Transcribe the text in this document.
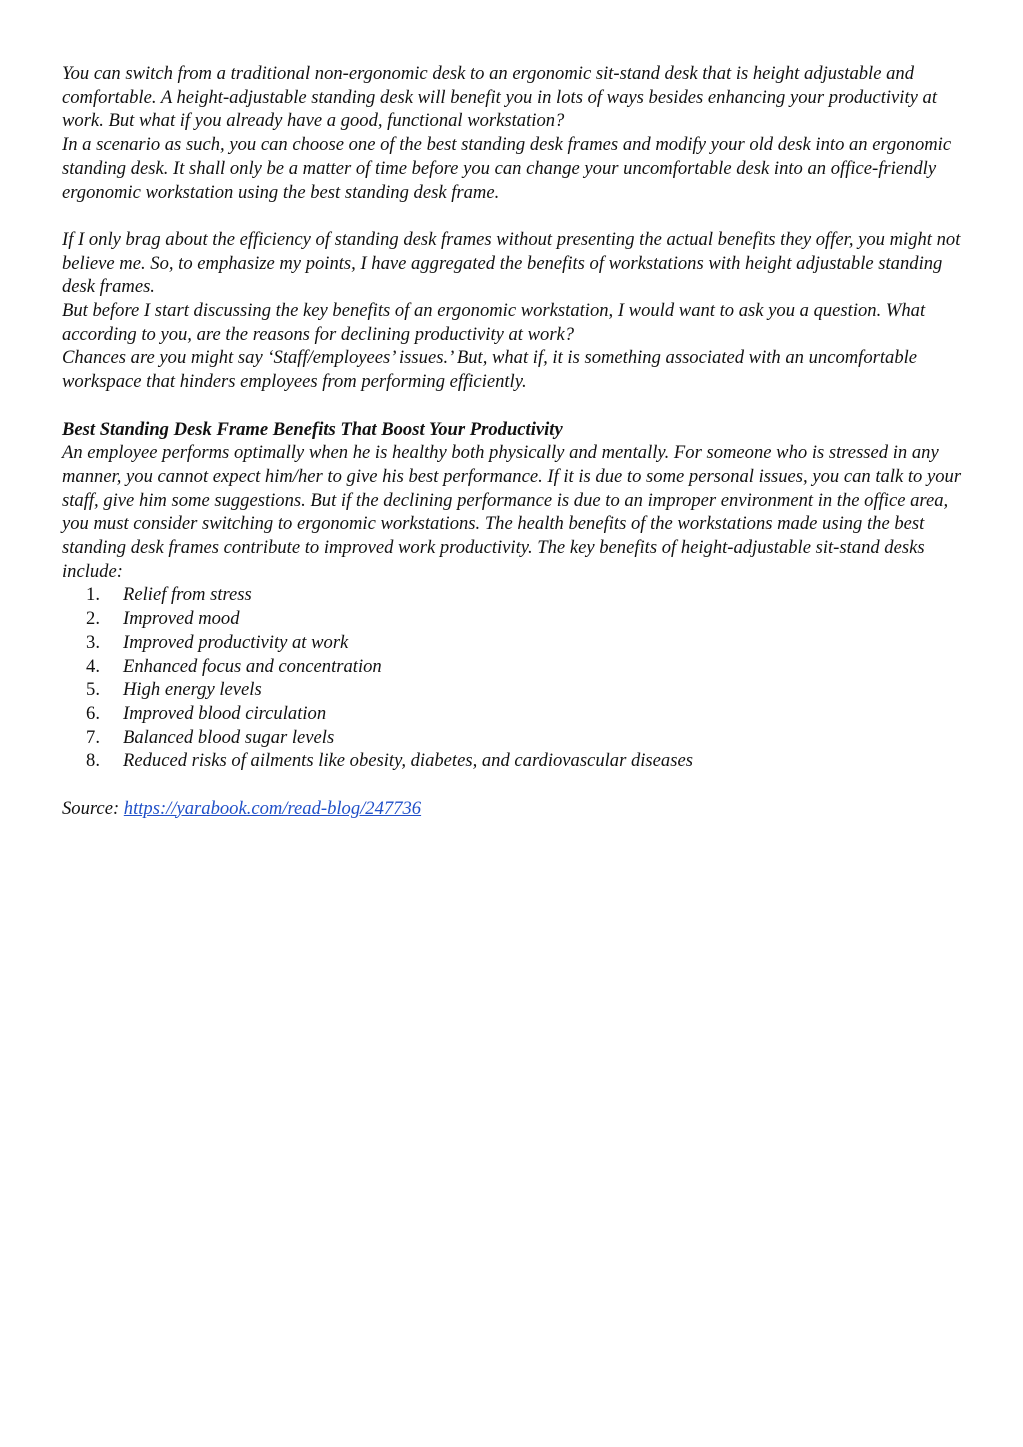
You can switch from a traditional non-ergonomic desk to an ergonomic sit-stand desk that is height adjustable and comfortable. A height-adjustable standing desk will benefit you in lots of ways besides enhancing your productivity at work. But what if you already have a good, functional workstation?

In a scenario as such, you can choose one of the best standing desk frames and modify your old desk into an ergonomic standing desk. It shall only be a matter of time before you can change your uncomfortable desk into an office-friendly ergonomic workstation using the best standing desk frame.

If I only brag about the efficiency of standing desk frames without presenting the actual benefits they offer, you might not believe me. So, to emphasize my points, I have aggregated the benefits of workstations with height adjustable standing desk frames.

But before I start discussing the key benefits of an ergonomic workstation, I would want to ask you a question. What according to you, are the reasons for declining productivity at work?

Chances are you might say ‘Staff/employees’ issues.’ But, what if, it is something associated with an uncomfortable workspace that hinders employees from performing efficiently.

Best Standing Desk Frame Benefits That Boost Your Productivity

An employee performs optimally when he is healthy both physically and mentally. For someone who is stressed in any manner, you cannot expect him/her to give his best performance. If it is due to some personal issues, you can talk to your staff, give him some suggestions. But if the declining performance is due to an improper environment in the office area, you must consider switching to ergonomic workstations. The health benefits of the workstations made using the best standing desk frames contribute to improved work productivity. The key benefits of height-adjustable sit-stand desks include:

1.	Relief from stress
2.	Improved mood
3.	Improved productivity at work
4.	Enhanced focus and concentration
5.	High energy levels
6.	Improved blood circulation
7.	Balanced blood sugar levels
8.	Reduced risks of ailments like obesity, diabetes, and cardiovascular diseases

Source: https://yarabook.com/read-blog/247736
